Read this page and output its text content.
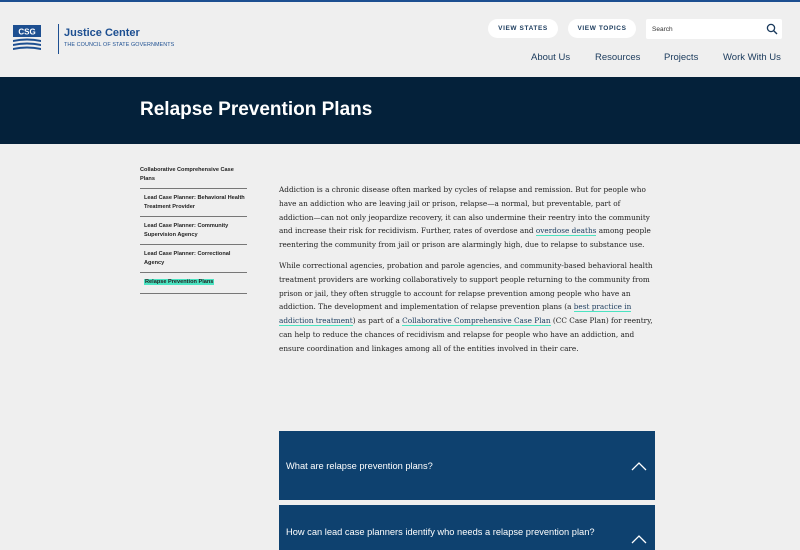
CSG	Justice Center
THE COUNCIL OF STATE GOVERNMENTS
VIEW STATES	VIEW TOPICS
Search
About Us	Resources Projects	Work With Us
Relapse Prevention Plans
Collaborative Comprehensive Case Plans
Lead Case Planner: Behavioral Health Treatment Provider
Lead Case Planner: Community Supervision Agency
Lead Case Planner: Correctional Agency
Relapse Prevention Plans

Addiction is a chronic disease often marked by cycles of relapse and remission. But for people who have an addiction who are leaving jail or prison, relapse—a normal, but preventable, part of addiction—can not only jeopardize recovery, it can also undermine their reentry into the community and increase their risk for recidivism. Further, rates of overdose and overdose deaths among people reentering the community from jail or prison are alarmingly high, due to relapse to substance use.

While correctional agencies, probation and parole agencies, and community-based behavioral health treatment providers are working collaboratively to support people returning to the community from prison or jail, they often struggle to account for relapse prevention among people who have an addiction. The development and implementation of relapse prevention plans (a best practice in addiction treatment) as part of a Collaborative Comprehensive Case Plan (CC Case Plan) for reentry, can help to reduce the chances of recidivism and relapse for people who have an addiction, and ensure coordination and linkages among all of the entities involved in their care.

What are relapse prevention plans?
How can lead case planners identify who needs a relapse prevention plan?
